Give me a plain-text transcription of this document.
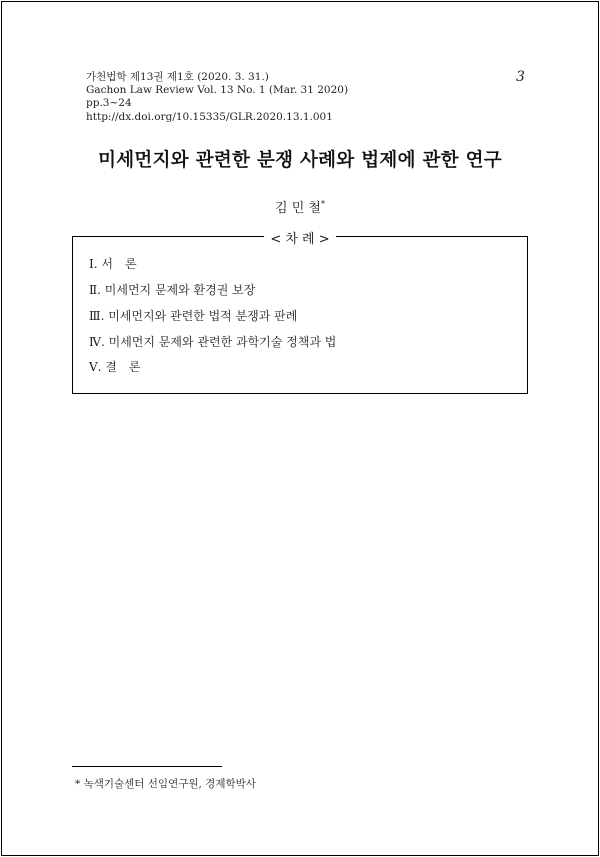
가천법학 제13권 제1호 (2020. 3. 31.)
Gachon Law Review Vol. 13 No. 1 (Mar. 31 2020)
pp.3~24
http://dx.doi.org/10.15335/GLR.2020.13.1.001
3
미세먼지와 관련한 분쟁 사례와 법제에 관한 연구
김 민 철*
< 차 례 >
Ⅰ. 서　론
Ⅱ. 미세먼지 문제와 환경권 보장
Ⅲ. 미세먼지와 관련한 법적 분쟁과 판례
Ⅳ. 미세먼지 문제와 관련한 과학기술 정책과 법
Ⅴ. 결　론
* 녹색기술센터 선임연구원, 경제학박사
